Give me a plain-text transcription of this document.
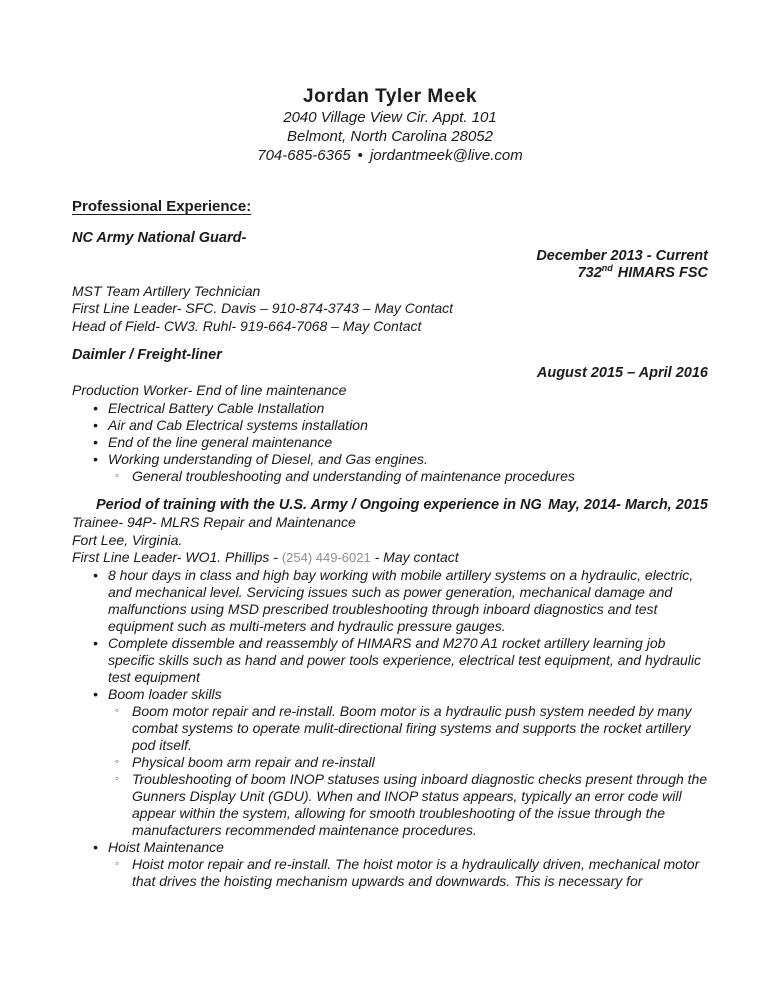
Jordan Tyler Meek
2040 Village View Cir. Appt. 101
Belmont, North Carolina 28052
704-685-6365 • jordantmeek@live.com
Professional Experience:
NC Army National Guard-
December 2013 - Current
732nd HIMARS FSC
MST Team Artillery Technician
First Line Leader- SFC. Davis – 910-874-3743 – May Contact
Head of Field- CW3. Ruhl- 919-664-7068 – May Contact
Daimler / Freight-liner
August 2015 – April 2016
Production Worker- End of line maintenance
• Electrical Battery Cable Installation
• Air and Cab Electrical systems installation
• End of the line general maintenance
• Working understanding of Diesel, and Gas engines.
◦ General troubleshooting and understanding of maintenance procedures
Period of training with the U.S. Army / Ongoing experience in NG May, 2014- March, 2015
Trainee- 94P- MLRS Repair and Maintenance
Fort Lee, Virginia.
First Line Leader- WO1. Phillips - (254) 449-6021 - May contact
• 8 hour days in class and high bay working with mobile artillery systems on a hydraulic, electric, and mechanical level. Servicing issues such as power generation, mechanical damage and malfunctions using MSD prescribed troubleshooting through inboard diagnostics and test equipment such as multi-meters and hydraulic pressure gauges.
• Complete dissemble and reassembly of HIMARS and M270 A1 rocket artillery learning job specific skills such as hand and power tools experience, electrical test equipment, and hydraulic test equipment
• Boom loader skills
◦ Boom motor repair and re-install. Boom motor is a hydraulic push system needed by many combat systems to operate mulit-directional firing systems and supports the rocket artillery pod itself.
◦ Physical boom arm repair and re-install
◦ Troubleshooting of boom INOP statuses using inboard diagnostic checks present through the Gunners Display Unit (GDU). When and INOP status appears, typically an error code will appear within the system, allowing for smooth troubleshooting of the issue through the manufacturers recommended maintenance procedures.
• Hoist Maintenance
◦ Hoist motor repair and re-install. The hoist motor is a hydraulically driven, mechanical motor that drives the hoisting mechanism upwards and downwards. This is necessary for
